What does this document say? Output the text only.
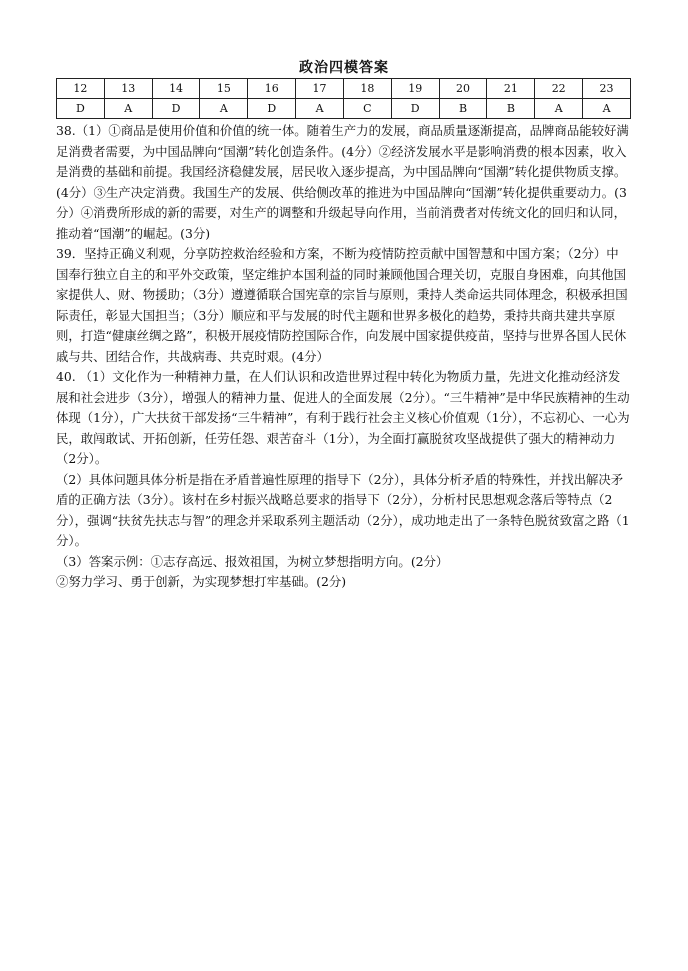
政治四模答案
12	13	14	15	16	17	18	19	20	21	22	23
D	A	D	A	D	A	C	D	B	B	A	A

38.（1）①商品是使用价值和价值的统一体。随着生产力的发展，商品质量逐渐提高，品牌商品能较好满足消费者需要，为中国品牌向“国潮”转化创造条件。(4分）②经济发展水平是影响消费的根本因素，收入是消费的基础和前提。我国经济稳健发展，居民收入逐步提高，为中国品牌向“国潮”转化提供物质支撑。(4分）③生产决定消费。我国生产的发展、供给侧改革的推进为中国品牌向“国潮”转化提供重要动力。(3分）④消费所形成的新的需要，对生产的调整和升级起导向作用，当前消费者对传统文化的回归和认同，推动着“国潮”的崛起。(3分)

39．坚持正确义利观，分享防控救治经验和方案，不断为疫情防控贡献中国智慧和中国方案；（2分）中国奉行独立自主的和平外交政策，坚定维护本国利益的同时兼顾他国合理关切，克服自身困难，向其他国家提供人、财、物援助；（3分）遵遵循联合国宪章的宗旨与原则，秉持人类命运共同体理念，积极承担国际责任，彰显大国担当；（3分）顺应和平与发展的时代主题和世界多极化的趋势，秉持共商共建共享原则，打造“健康丝绸之路”，积极开展疫情防控国际合作，向发展中国家提供疫苗，坚持与世界各国人民休戚与共、团结合作，共战病毒、共克时艰。(4分）

40. （1）文化作为一种精神力量，在人们认识和改造世界过程中转化为物质力量，先进文化推动经济发展和社会进步（3分），增强人的精神力量、促进人的全面发展（2分）。“三牛精神”是中华民族精神的生动体现（1分），广大扶贫干部发扬“三牛精神”，有利于践行社会主义核心价值观（1分），不忘初心、一心为民，敢闯敢试、开拓创新，任劳任怨、艰苦奋斗（1分），为全面打赢脱贫攻坚战提供了强大的精神动力（2分）。

（2）具体问题具体分析是指在矛盾普遍性原理的指导下（2分），具体分析矛盾的特殊性，并找出解决矛盾的正确方法（3分）。该村在乡村振兴战略总要求的指导下（2分），分析村民思想观念落后等特点（2分），强调“扶贫先扶志与智”的理念并采取系列主题活动（2分），成功地走出了一条特色脱贫致富之路（1分）。

（3）答案示例：①志存高远、报效祖国，为树立梦想指明方向。(2分）

②努力学习、勇于创新，为实现梦想打牢基础。(2分)
